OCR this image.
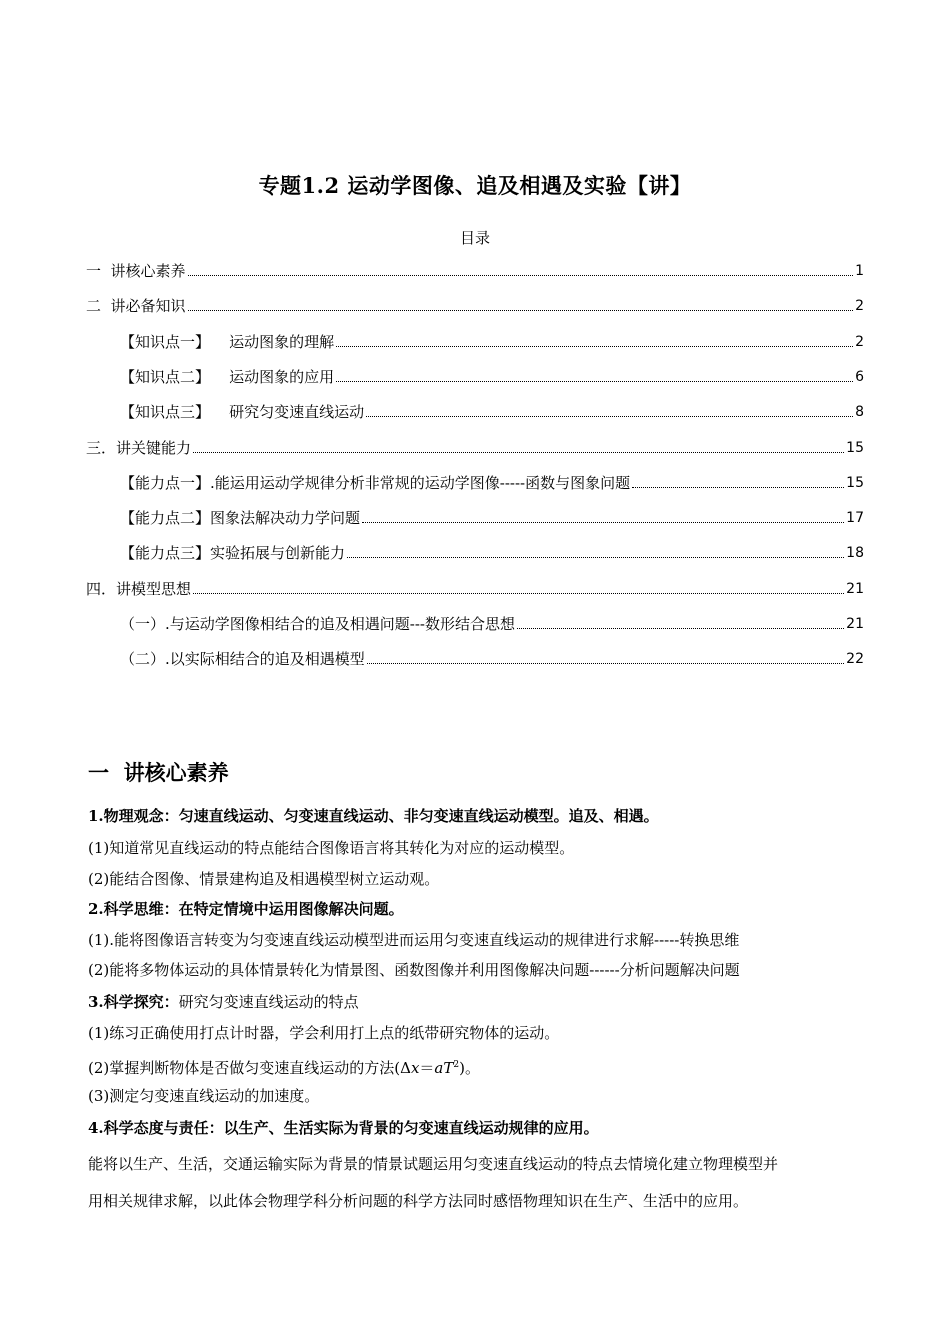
专题1.2 运动学图像、追及相遇及实验【讲】
目录
一  讲核心素养	1
二  讲必备知识	2
【知识点一】    运动图象的理解	2
【知识点二】    运动图象的应用	6
【知识点三】    研究匀变速直线运动	8
三．讲关键能力	15
【能力点一】.能运用运动学规律分析非常规的运动学图像-----函数与图象问题	15
【能力点二】图象法解决动力学问题	17
【能力点三】实验拓展与创新能力	18
四．讲模型思想	21
（一）.与运动学图像相结合的追及相遇问题---数形结合思想	21
（二）.以实际相结合的追及相遇模型	22
一  讲核心素养
1.物理观念：匀速直线运动、匀变速直线运动、非匀变速直线运动模型。追及、相遇。
(1)知道常见直线运动的特点能结合图像语言将其转化为对应的运动模型。
(2)能结合图像、情景建构追及相遇模型树立运动观。
2.科学思维：在特定情境中运用图像解决问题。
(1).能将图像语言转变为匀变速直线运动模型进而运用匀变速直线运动的规律进行求解-----转换思维
(2)能将多物体运动的具体情景转化为情景图、函数图像并利用图像解决问题------分析问题解决问题
3.科学探究：研究匀变速直线运动的特点
(1)练习正确使用打点计时器，学会利用打上点的纸带研究物体的运动。
(2)掌握判断物体是否做匀变速直线运动的方法$(\Delta x=aT^2)$。
(3)测定匀变速直线运动的加速度。
4.科学态度与责任：以生产、生活实际为背景的匀变速直线运动规律的应用。
能将以生产、生活，交通运输实际为背景的情景试题运用匀变速直线运动的特点去情境化建立物理模型并
用相关规律求解，以此体会物理学科分析问题的科学方法同时感悟物理知识在生产、生活中的应用。
